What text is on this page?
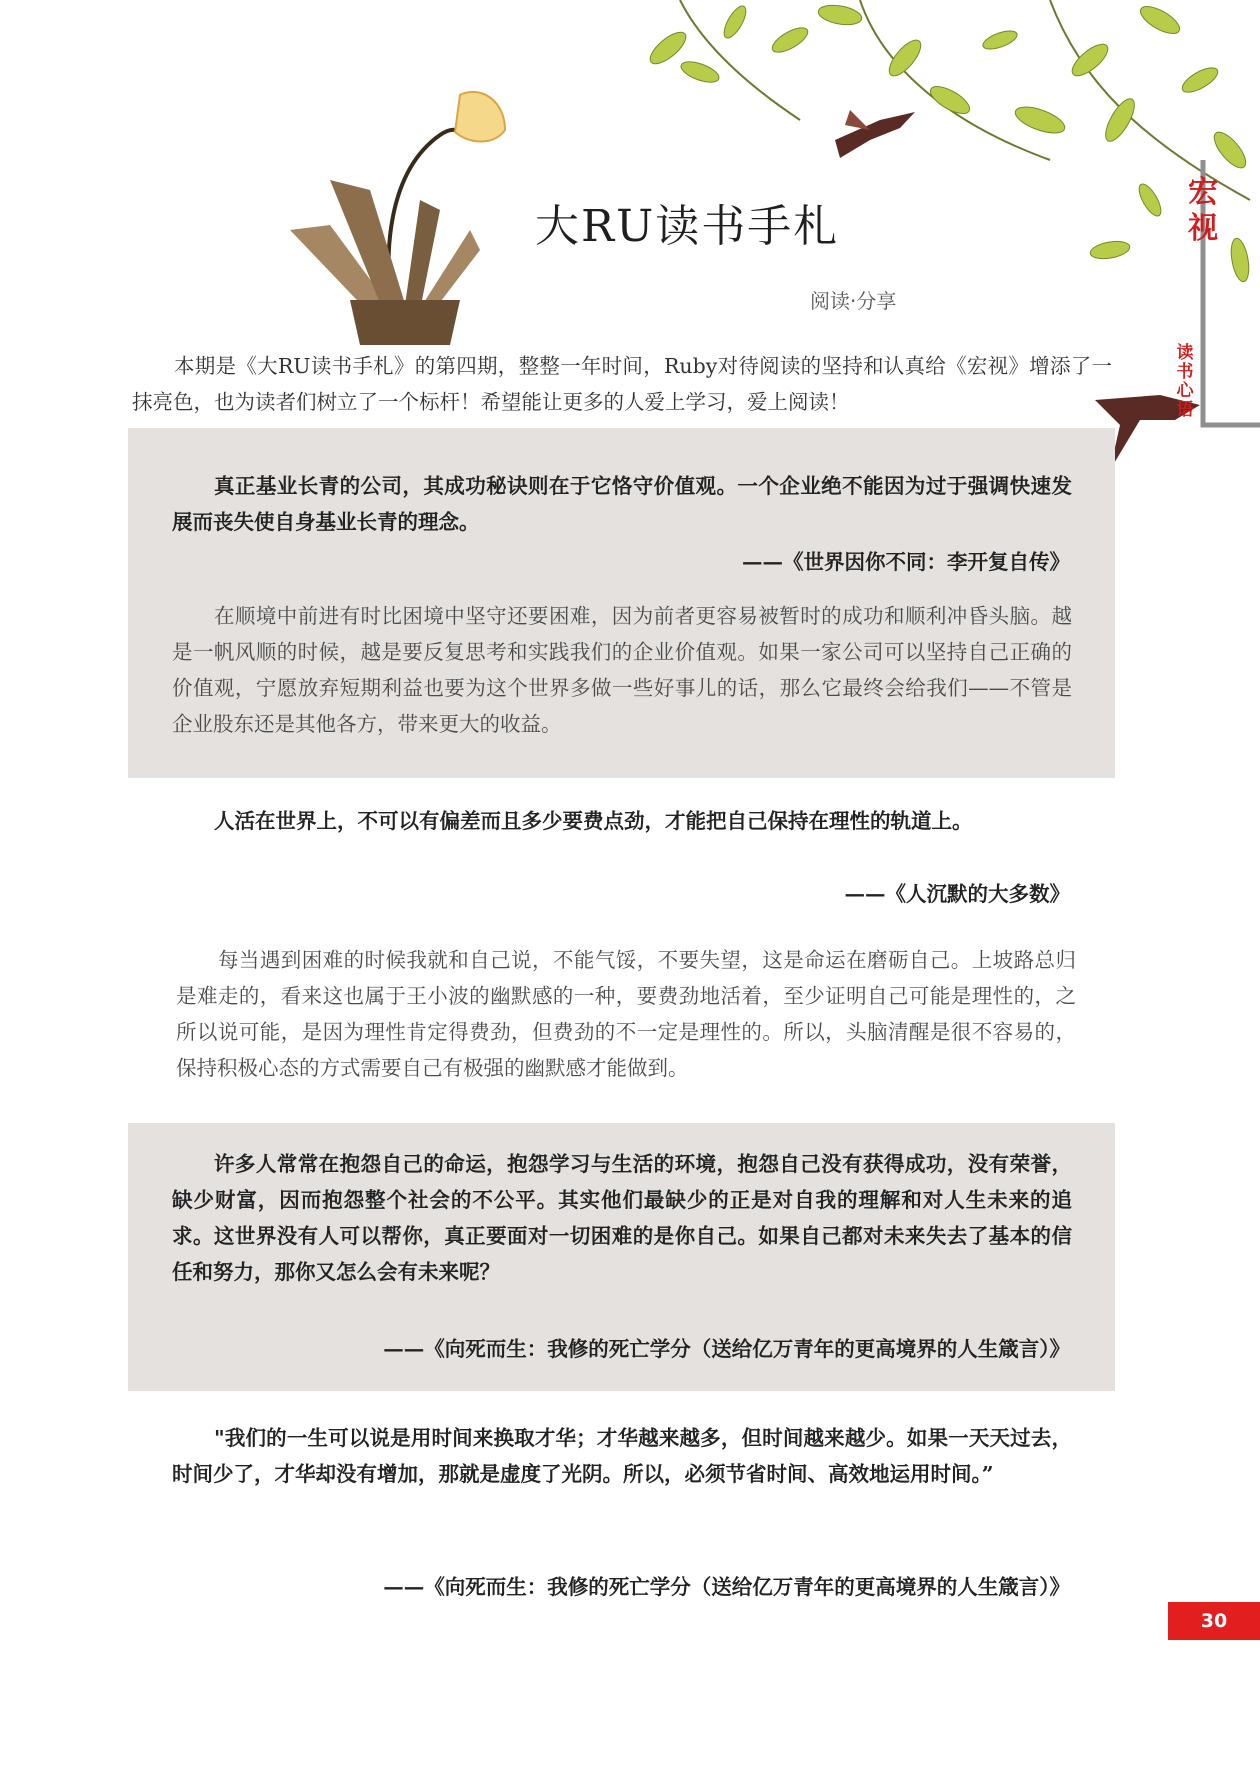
大RU读书手札
阅读·分享
宏视
读书心语
本期是《大RU读书手札》的第四期，整整一年时间，Ruby对待阅读的坚持和认真给《宏视》增添了一抹亮色，也为读者们树立了一个标杆！希望能让更多的人爱上学习，爱上阅读！
真正基业长青的公司，其成功秘诀则在于它恪守价值观。一个企业绝不能因为过于强调快速发展而丧失使自身基业长青的理念。
——《世界因你不同：李开复自传》
在顺境中前进有时比困境中坚守还要困难，因为前者更容易被暂时的成功和顺利冲昏头脑。越是一帆风顺的时候，越是要反复思考和实践我们的企业价值观。如果一家公司可以坚持自己正确的价值观，宁愿放弃短期利益也要为这个世界多做一些好事儿的话，那么它最终会给我们——不管是企业股东还是其他各方，带来更大的收益。
人活在世界上，不可以有偏差而且多少要费点劲，才能把自己保持在理性的轨道上。
——《人沉默的大多数》
每当遇到困难的时候我就和自己说，不能气馁，不要失望，这是命运在磨砺自己。上坡路总归是难走的，看来这也属于王小波的幽默感的一种，要费劲地活着，至少证明自己可能是理性的，之所以说可能，是因为理性肯定得费劲，但费劲的不一定是理性的。所以，头脑清醒是很不容易的，保持积极心态的方式需要自己有极强的幽默感才能做到。
许多人常常在抱怨自己的命运，抱怨学习与生活的环境，抱怨自己没有获得成功，没有荣誉，缺少财富，因而抱怨整个社会的不公平。其实他们最缺少的正是对自我的理解和对人生未来的追求。这世界没有人可以帮你，真正要面对一切困难的是你自己。如果自己都对未来失去了基本的信任和努力，那你又怎么会有未来呢？
——《向死而生：我修的死亡学分（送给亿万青年的更高境界的人生箴言）》
"我们的一生可以说是用时间来换取才华；才华越来越多，但时间越来越少。如果一天天过去，时间少了，才华却没有增加，那就是虚度了光阴。所以，必须节省时间、高效地运用时间。”
——《向死而生：我修的死亡学分（送给亿万青年的更高境界的人生箴言）》
30
